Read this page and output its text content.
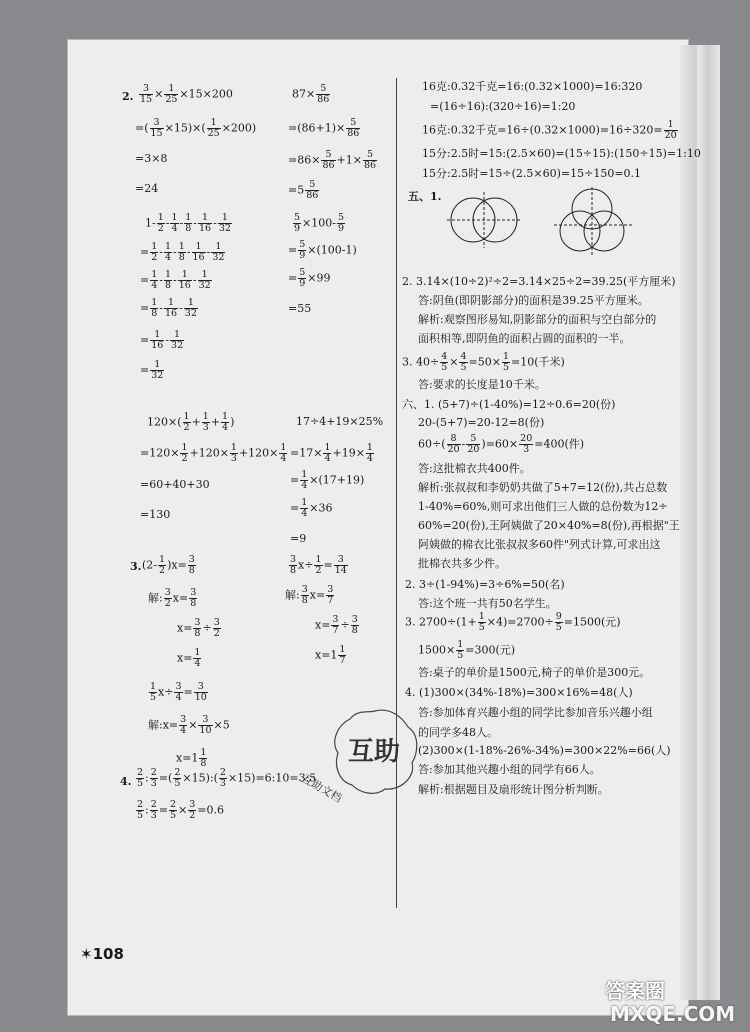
2. $\frac{3}{15} \times \frac{1}{25} \times 15\times 200$
=( $\frac{3}{15} \times 15)\times( \frac{1}{25} \times 200)$
=3×8
=24
$87\times \frac{5}{86}$
$=(86+1)\times \frac{5}{86}$
$=86\times \frac{5}{86} +1\times \frac{5}{86}$
$=5 \frac{5}{86}$
$1- \frac{1}{2} - \frac{1}{4} - \frac{1}{8} - \frac{1}{16} - \frac{1}{32}$
= $\frac{1}{2} - \frac{1}{4} - \frac{1}{8} - \frac{1}{16} - \frac{1}{32}$
= $\frac{1}{4} - \frac{1}{8} - \frac{1}{16} - \frac{1}{32}$
= $\frac{1}{8} - \frac{1}{16} - \frac{1}{32}$
= $\frac{1}{16} - \frac{1}{32}$
= $\frac{1}{32}$
$\frac{5}{9} \times 100- \frac{5}{9}$
= $\frac{5}{9} \times(100-1)$
= $\frac{5}{9} \times 99$
=55
$120\times( \frac{1}{2} + \frac{1}{3} + \frac{1}{4}$ )
$=120\times \frac{1}{2} +120\times \frac{1}{3} +120\times \frac{1}{4}$
=60+40+30
=130
17÷4+19×25%
$=17\times \frac{1}{4} +19\times \frac{1}{4}$
= $\frac{1}{4} \times(17+19)$
= $\frac{1}{4} \times 36$
=9
3. $(2- \frac{1}{2} )x= \frac{3}{8}$
解: $\frac{3}{2} x= \frac{3}{8}$
$x= \frac{3}{8} \div \frac{3}{2}$
$x= \frac{1}{4}$
$\frac{3}{8} x\div \frac{1}{2} = \frac{3}{14}$
解: $\frac{3}{8} x= \frac{3}{7}$
$x= \frac{3}{7} \div \frac{3}{8}$
$x=1 \frac{1}{7}$
$\frac{1}{5} x\div \frac{3}{4} = \frac{3}{10}$
解:x= $\frac{3}{4} \times \frac{3}{10} \times 5$
$x=1 \frac{1}{8}$
4. $\frac{2}{5}$ : $\frac{2}{3}$ =( $\frac{2}{5}$ ×15):( $\frac{2}{3}$ ×15)=6:10=3:5
$\frac{2}{5}$ : $\frac{2}{3} = \frac{2}{5} \times \frac{3}{2} =0.6$
16克:0.32千克=16:(0.32×1000)=16:320
=(16÷16):(320÷16)=1:20
16克:0.32千克$=16\div(0.32\times 1000)=16\div 320= \frac{1}{20}$
15分:2.5时=15:(2.5×60)=(15÷15):(150÷15)=1:10
15分:2.5时=15÷(2.5×60)=15÷150=0.1
五、1.
2. 3.14×(10÷2)²÷2=3.14×25÷2=39.25(平方厘米)
答:阴鱼(即阴影部分)的面积是39.25平方厘米。
解析:观察图形易知,阴影部分的面积与空白部分的
面积相等,即阴鱼的面积占圆的面积的一半。
3. $40\div \frac{4}{5} \times \frac{4}{5} =50\times \frac{1}{5} =10$(千米)
答:要求的长度是10千米。
六、1. (5+7)÷(1-40%)=12÷0.6=20(份)
20-(5+7)=20-12=8(份)
$60\div( \frac{8}{20} - \frac{5}{20} )=60\times \frac{20}{3} =400$(件)
答:这批棉衣共400件。
解析:张叔叔和李奶奶共做了5+7=12(份),共占总数
1-40%=60%,则可求出他们三人做的总份数为12÷
60%=20(份),王阿姨做了20×40%=8(份),再根据"王
阿姨做的棉衣比张叔叔多60件"列式计算,可求出这
批棉衣共多少件。
2. 3÷(1-94%)=3÷6%=50(名)
答:这个班一共有50名学生。
3. $2700\div(1+ \frac{1}{5} \times 4)=2700\div \frac{9}{5} =1500$(元)
$1500\times \frac{1}{5} =300$(元)
答:桌子的单价是1500元,椅子的单价是300元。
4. (1)300×(34%-18%)=300×16%=48(人)
答:参加体育兴趣小组的同学比参加音乐兴趣小组
的同学多48人。
(2)300×(1-18%-26%-34%)=300×22%=66(人)
答:参加其他兴趣小组的同学有66人。
解析:根据题目及扇形统计图分析判断。
互助
互助文档
✶108
答案圈
MXQE.COM
